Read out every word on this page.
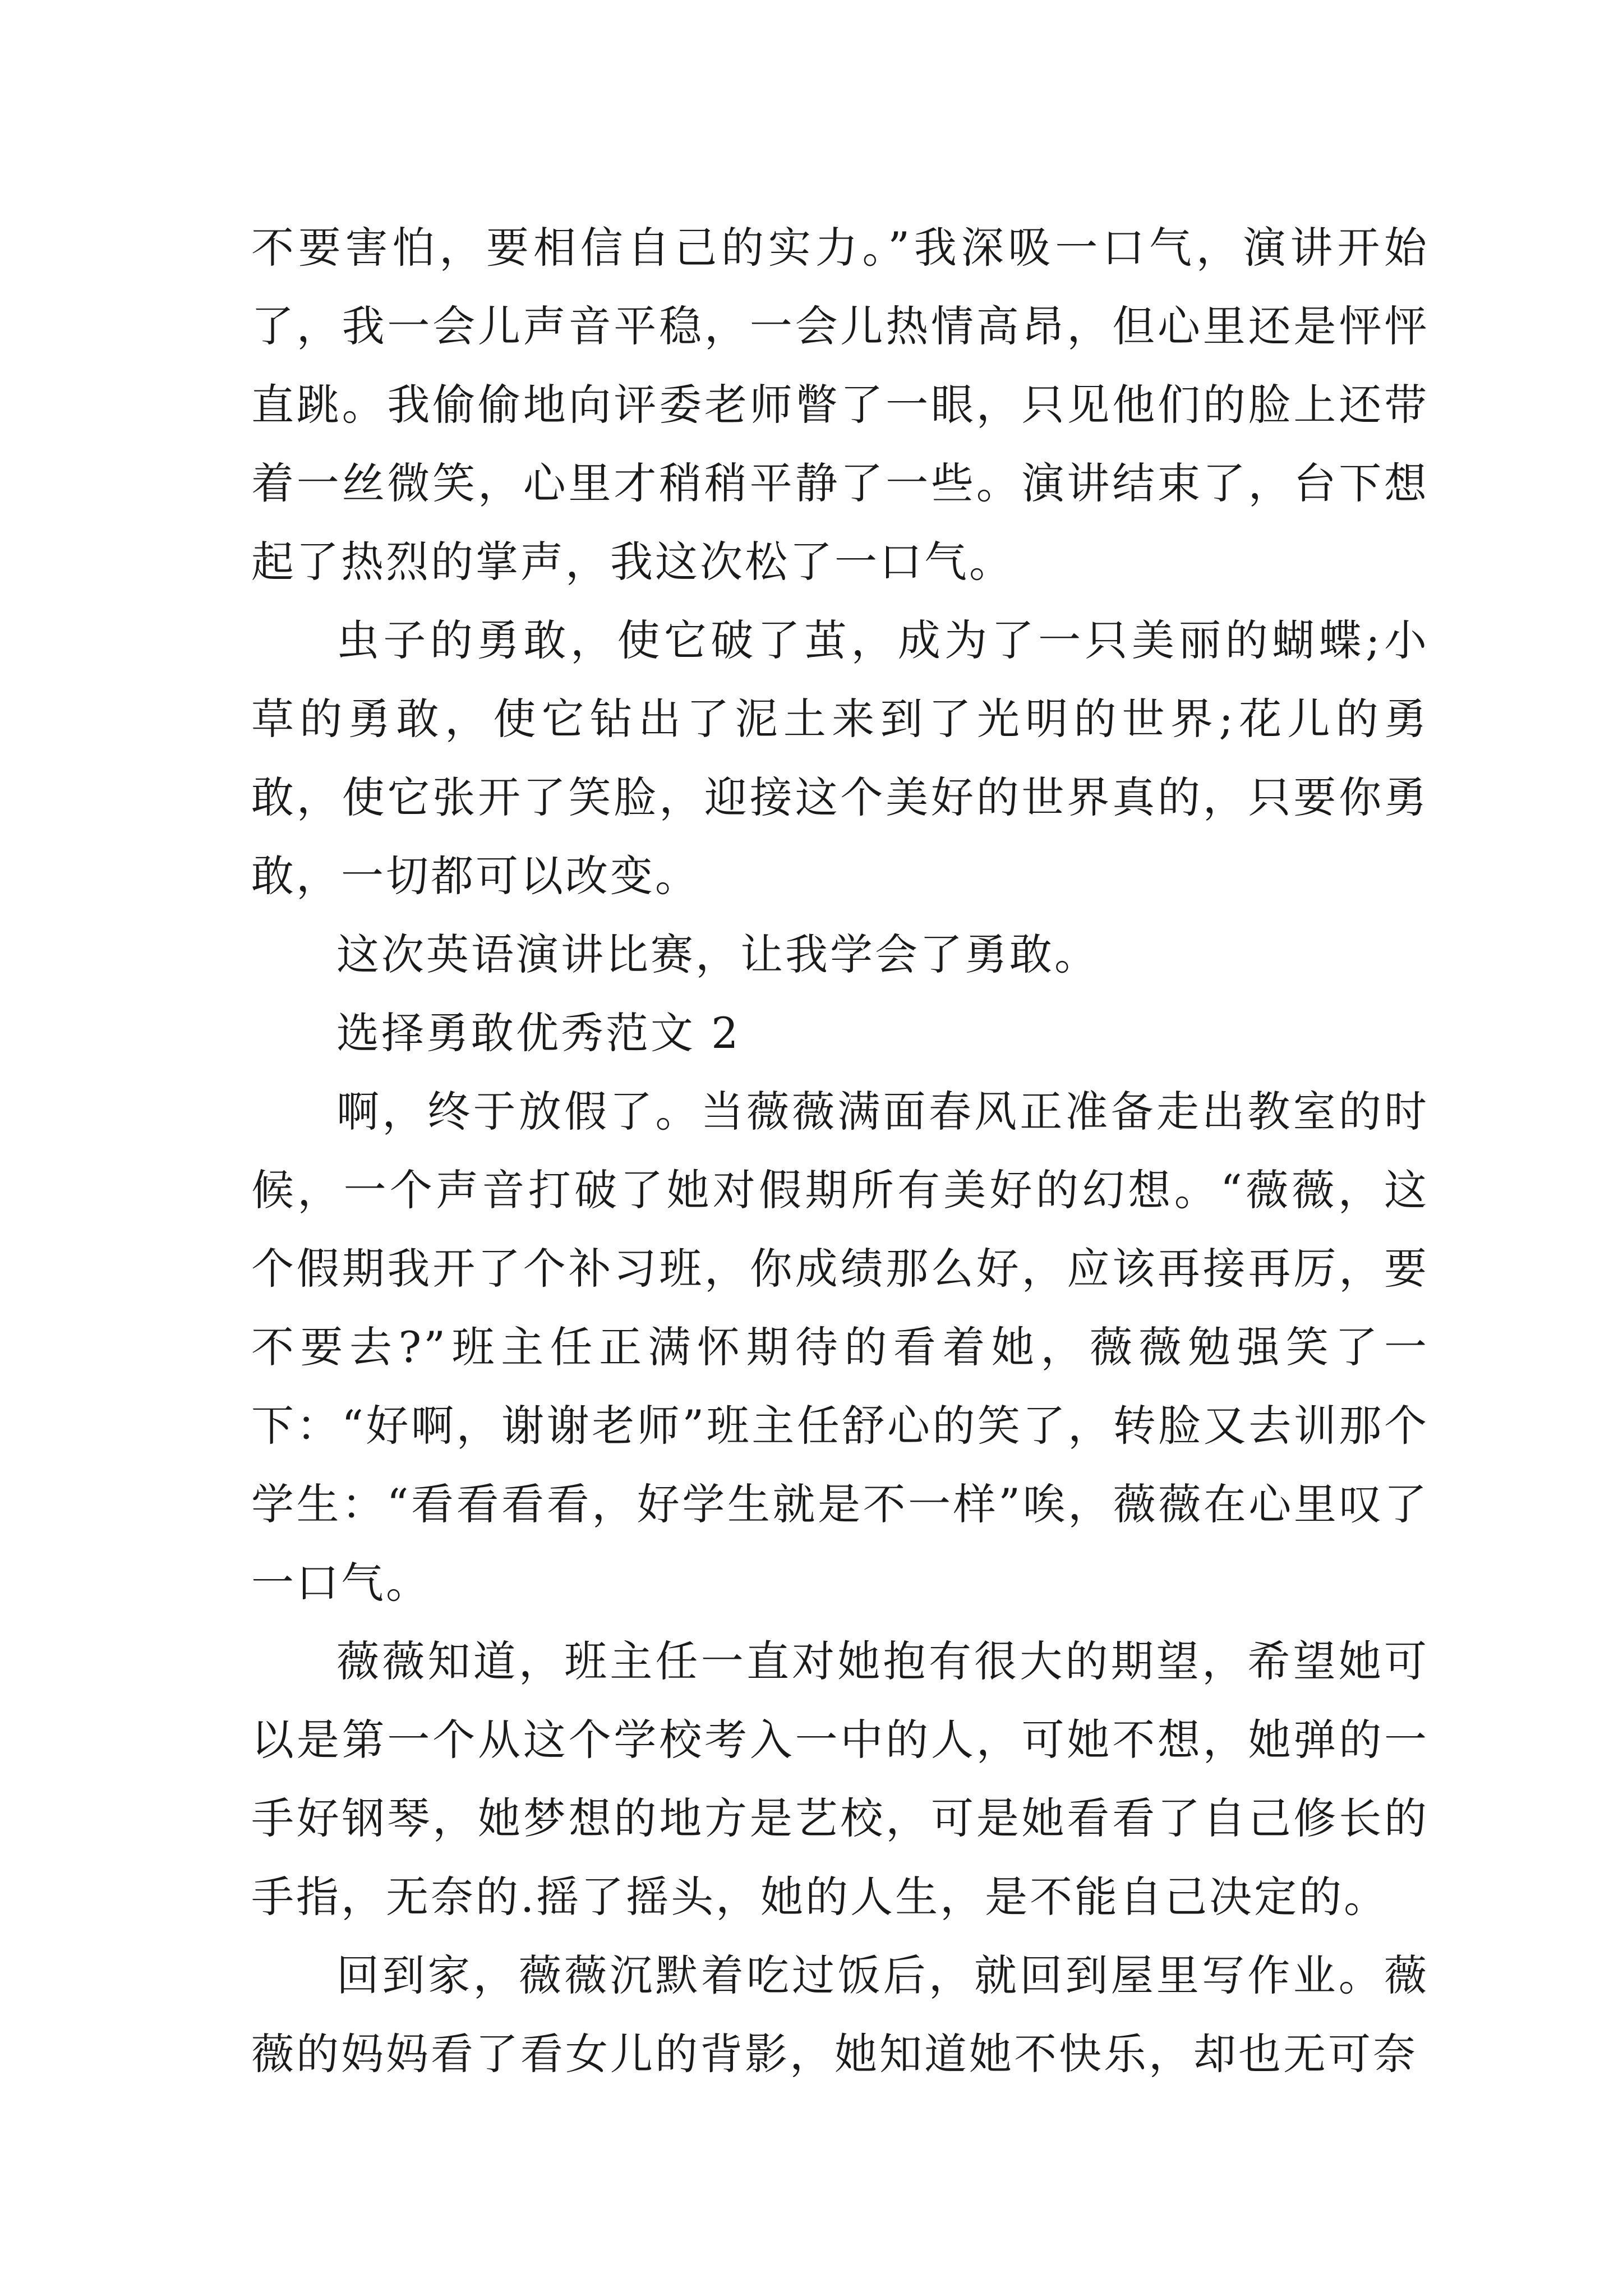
不要害怕，要相信自己的实力。”我深吸一口气，演讲开始了，我一会儿声音平稳，一会儿热情高昂，但心里还是怦怦直跳。我偷偷地向评委老师瞥了一眼，只见他们的脸上还带着一丝微笑，心里才稍稍平静了一些。演讲结束了，台下想起了热烈的掌声，我这次松了一口气。

虫子的勇敢，使它破了茧，成为了一只美丽的蝴蝶;小草的勇敢，使它钻出了泥土来到了光明的世界;花儿的勇敢，使它张开了笑脸，迎接这个美好的世界真的，只要你勇敢，一切都可以改变。

这次英语演讲比赛，让我学会了勇敢。

选择勇敢优秀范文 2

啊，终于放假了。当薇薇满面春风正准备走出教室的时候，一个声音打破了她对假期所有美好的幻想。“薇薇，这个假期我开了个补习班，你成绩那么好，应该再接再厉，要不要去?”班主任正满怀期待的看着她，薇薇勉强笑了一下：“好啊，谢谢老师”班主任舒心的笑了，转脸又去训那个学生：“看看看看，好学生就是不一样”唉，薇薇在心里叹了一口气。

薇薇知道，班主任一直对她抱有很大的期望，希望她可以是第一个从这个学校考入一中的人，可她不想，她弹的一手好钢琴，她梦想的地方是艺校，可是她看看了自己修长的手指，无奈的.摇了摇头，她的人生，是不能自己决定的。

回到家，薇薇沉默着吃过饭后，就回到屋里写作业。薇薇的妈妈看了看女儿的背影，她知道她不快乐，却也无可奈
